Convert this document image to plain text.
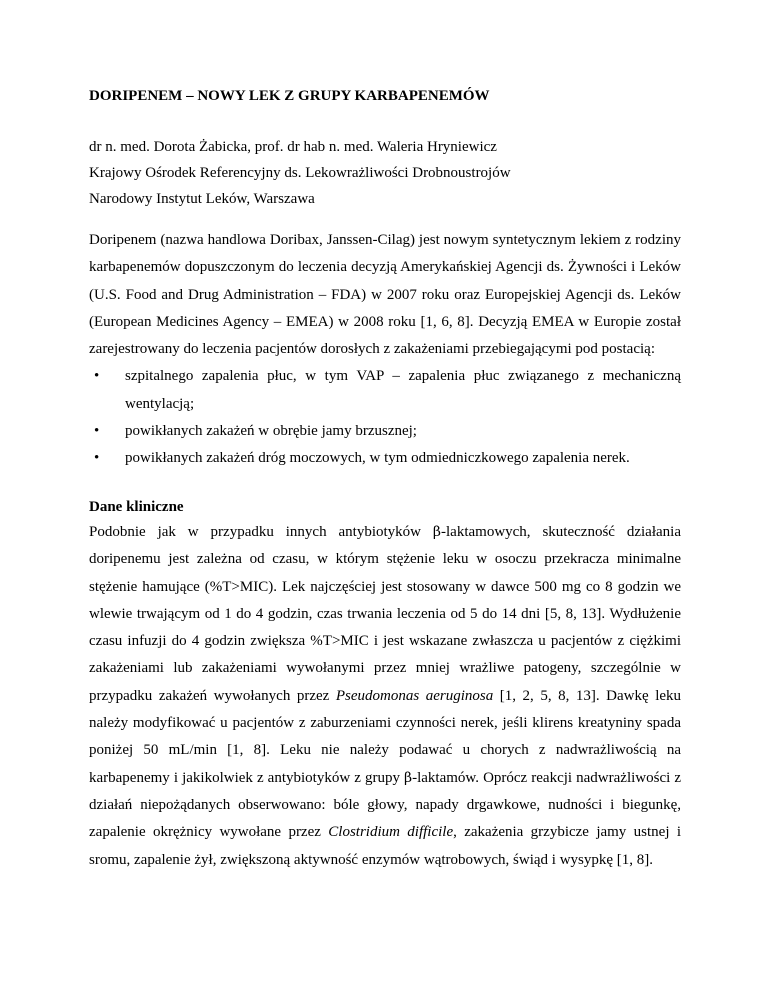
DORIPENEM – NOWY LEK Z GRUPY KARBAPENEMÓW

dr n. med. Dorota Żabicka, prof. dr hab n. med. Waleria Hryniewicz

Krajowy Ośrodek Referencyjny ds. Lekowrażliwości Drobnoustrojów

Narodowy Instytut Leków, Warszawa

Doripenem (nazwa handlowa Doribax, Janssen-Cilag) jest nowym syntetycznym lekiem z rodziny karbapenemów dopuszczonym do leczenia decyzją Amerykańskiej Agencji ds. Żywności i Leków (U.S. Food and Drug Administration – FDA) w 2007 roku oraz Europejskiej Agencji ds. Leków (European Medicines Agency – EMEA) w 2008 roku [1, 6, 8]. Decyzją EMEA w Europie został zarejestrowany do leczenia pacjentów dorosłych z zakażeniami przebiegającymi pod postacią:

• szpitalnego zapalenia płuc, w tym VAP – zapalenia płuc związanego z mechaniczną wentylacją;
• powikłanych zakażeń w obrębie jamy brzusznej;
• powikłanych zakażeń dróg moczowych, w tym odmiedniczkowego zapalenia nerek.
Dane kliniczne

Podobnie jak w przypadku innych antybiotyków β-laktamowych, skuteczność działania doripenemu jest zależna od czasu, w którym stężenie leku w osoczu przekracza minimalne stężenie hamujące (%T>MIC). Lek najczęściej jest stosowany w dawce 500 mg co 8 godzin we wlewie trwającym od 1 do 4 godzin, czas trwania leczenia od 5 do 14 dni [5, 8, 13]. Wydłużenie czasu infuzji do 4 godzin zwiększa %T>MIC i jest wskazane zwłaszcza u pacjentów z ciężkimi zakażeniami lub zakażeniami wywołanymi przez mniej wrażliwe patogeny, szczególnie w przypadku zakażeń wywołanych przez Pseudomonas aeruginosa [1, 2, 5, 8, 13]. Dawkę leku należy modyfikować u pacjentów z zaburzeniami czynności nerek, jeśli klirens kreatyniny spada poniżej 50 mL/min [1, 8]. Leku nie należy podawać u chorych z nadwrażliwością na karbapenemy i jakikolwiek z antybiotyków z grupy β-laktamów. Oprócz reakcji nadwrażliwości z działań niepożądanych obserwowano: bóle głowy, napady drgawkowe, nudności i biegunkę, zapalenie okrężnicy wywołane przez Clostridium difficile, zakażenia grzybicze jamy ustnej i sromu, zapalenie żył, zwiększoną aktywność enzymów wątrobowych, świąd i wysypkę [1, 8].
